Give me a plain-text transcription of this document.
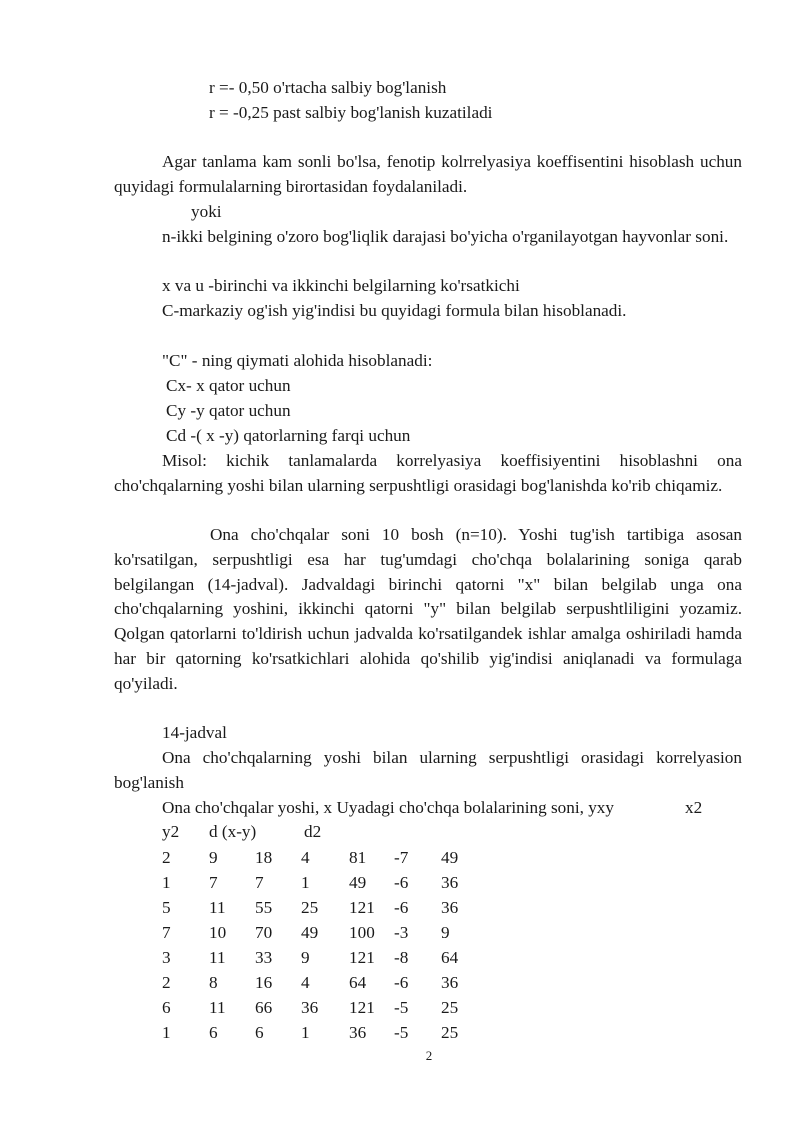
r =- 0,50 o'rtacha salbiy bog'lanish
r = -0,25 past salbiy bog'lanish kuzatiladi

Agar tanlama kam sonli bo'lsa, fenotip kolrrelyasiya koeffisentini hisoblash uchun quyidagi formulalarning birortasidan foydalaniladi.

yoki

n-ikki belgining o'zoro bog'liqlik darajasi bo'yicha o'rganilayotgan hayvonlar soni.

x va u -birinchi va ikkinchi belgilarning ko'rsatkichi
C-markaziy og'ish yig'indisi bu quyidagi formula bilan hisoblanadi.
"C" - ning qiymati alohida hisoblanadi:
Cx- x qator uchun
Cy -y qator uchun
Cd -( x -y) qatorlarning farqi uchun

Misol: kichik tanlamalarda korrelyasiya koeffisiyentini hisoblashni ona cho'chqalarning yoshi bilan ularning serpushtligi orasidagi bog'lanishda ko'rib chiqamiz.

Ona cho'chqalar soni 10 bosh (n=10). Yoshi tug'ish tartibiga asosan ko'rsatilgan, serpushtligi esa har tug'umdagi cho'chqa bolalarining soniga qarab belgilangan (14-jadval). Jadvaldagi birinchi qatorni "x" bilan belgilab unga ona cho'chqalarning yoshini, ikkinchi qatorni "y" bilan belgilab serpushtliligini yozamiz. Qolgan qatorlarni to'ldirish uchun jadvalda ko'rsatilgandek ishlar amalga oshiriladi hamda har bir qatorning ko'rsatkichlari alohida qo'shilib yig'indisi aniqlanadi va formulaga qo'yiladi.

14-jadval

Ona cho'chqalarning yoshi bilan ularning serpushtligi orasidagi korrelyasion bog'lanish

Ona cho'chqalar yoshi, x Uyadagi cho'chqa bolalarining soni, yxy	x2
y2 d (x-y)	d2
2	9	18	4	81	-7	49
1	7	7	1	49	-6	36
5	11	55	25	121	-6	36
7	10	70	49	100	-3	9
3	11	33	9	121	-8	64
2	8	16	4	64	-6	36
6	11	66	36	121	-5	25
1	6	6	1	36	-5	25
2
